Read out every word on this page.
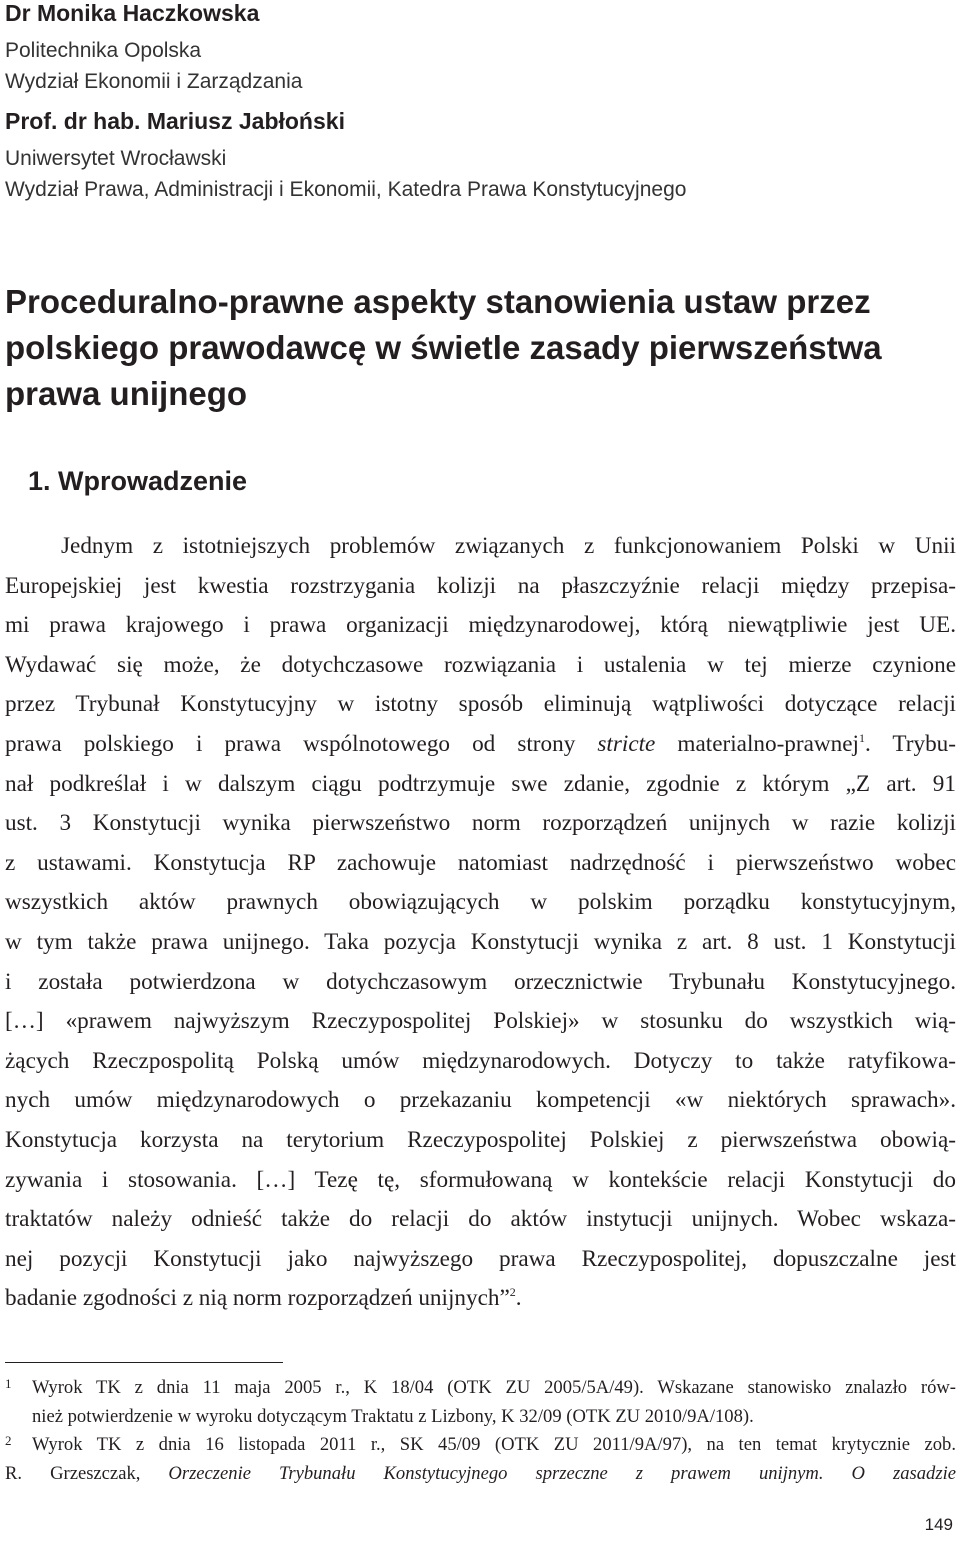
Dr Monika Haczkowska
Politechnika Opolska
Wydział Ekonomii i Zarządzania
Prof. dr hab. Mariusz Jabłoński
Uniwersytet Wrocławski
Wydział Prawa, Administracji i Ekonomii, Katedra Prawa Konstytucyjnego
Proceduralno-prawne aspekty stanowienia ustaw przez
polskiego prawodawcę w świetle zasady pierwszeństwa
prawa unijnego
1. Wprowadzenie
Jednym z istotniejszych problemów związanych z funkcjonowaniem Polski w Unii
Europejskiej jest kwestia rozstrzygania kolizji na płaszczyźnie relacji między przepisa-
mi prawa krajowego i prawa organizacji międzynarodowej, którą niewątpliwie jest UE.
Wydawać się może, że dotychczasowe rozwiązania i ustalenia w tej mierze czynione
przez Trybunał Konstytucyjny w istotny sposób eliminują wątpliwości dotyczące relacji
prawa polskiego i prawa wspólnotowego od strony stricte materialno-prawnej$^1$. Trybu-
nał podkreślał i w dalszym ciągu podtrzymuje swe zdanie, zgodnie z którym „Z art. 91
ust. 3 Konstytucji wynika pierwszeństwo norm rozporządzeń unijnych w razie kolizji
z ustawami. Konstytucja RP zachowuje natomiast nadrzędność i pierwszeństwo wobec
wszystkich aktów prawnych obowiązujących w polskim porządku konstytucyjnym,
w tym także prawa unijnego. Taka pozycja Konstytucji wynika z art. 8 ust. 1 Konstytucji
i została potwierdzona w dotychczasowym orzecznictwie Trybunału Konstytucyjnego.
[…] «prawem najwyższym Rzeczypospolitej Polskiej» w stosunku do wszystkich wią-
żących Rzeczpospolitą Polską umów międzynarodowych. Dotyczy to także ratyfikowa-
nych umów międzynarodowych o przekazaniu kompetencji «w niektórych sprawach».
Konstytucja korzysta na terytorium Rzeczypospolitej Polskiej z pierwszeństwa obowią-
zywania i stosowania. […] Tezę tę, sformułowaną w kontekście relacji Konstytucji do
traktatów należy odnieść także do relacji do aktów instytucji unijnych. Wobec wskaza-
nej pozycji Konstytucji jako najwyższego prawa Rzeczypospolitej, dopuszczalne jest
badanie zgodności z nią norm rozporządzeń unijnych”$^2$.
1 Wyrok TK z dnia 11 maja 2005 r., K 18/04 (OTK ZU 2005/5A/49). Wskazane stanowisko znalazło rów-
nież potwierdzenie w wyroku dotyczącym Traktatu z Lizbony, K 32/09 (OTK ZU 2010/9A/108).
2 Wyrok TK z dnia 16 listopada 2011 r., SK 45/09 (OTK ZU 2011/9A/97), na ten temat krytycznie zob.
R. Grzeszczak, Orzeczenie Trybunału Konstytucyjnego sprzeczne z prawem unijnym. O zasadzie
149
